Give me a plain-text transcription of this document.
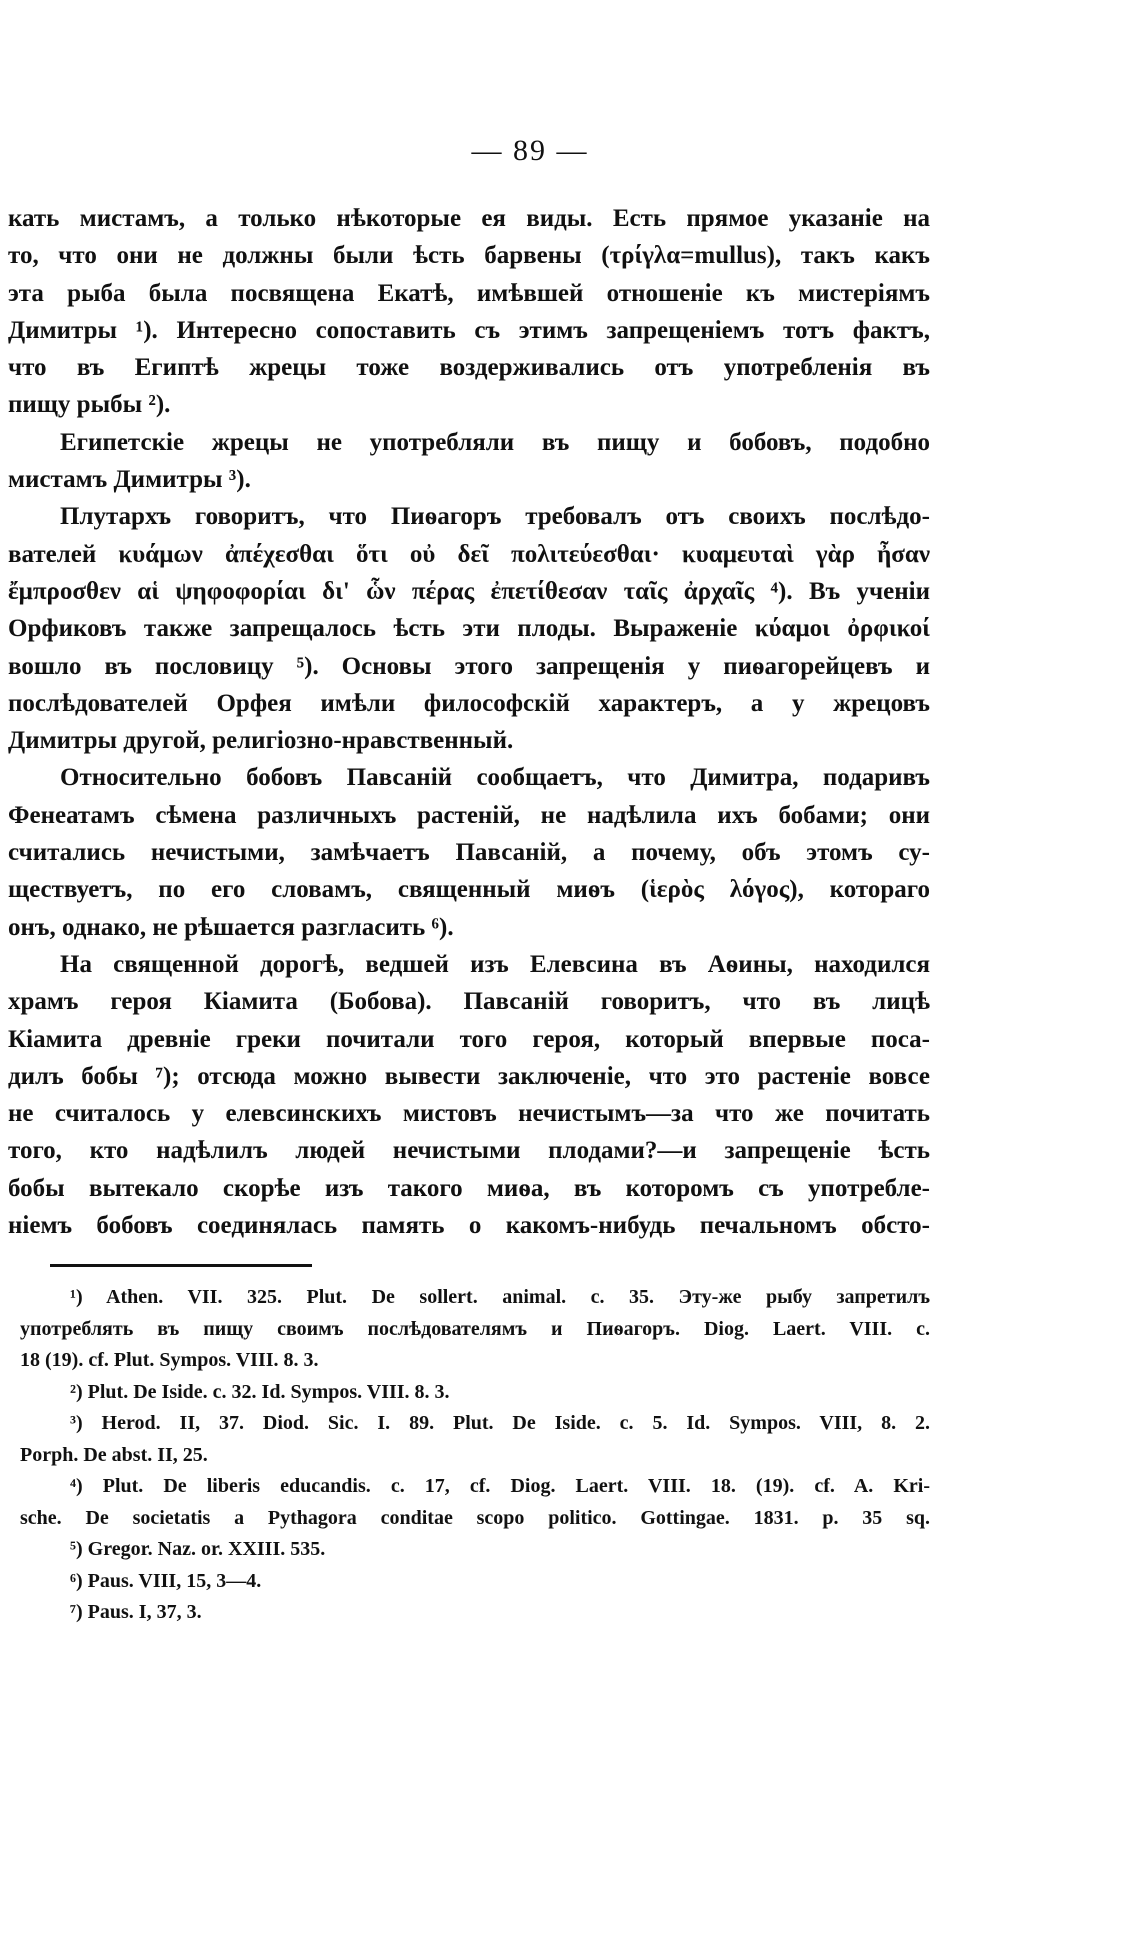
— 89 —
кать мистамъ, а только нѣкоторые ея виды. Есть прямое указаніе на
то, что они не должны были ѣсть барвены (τρίγλα=mullus), такъ какъ
эта рыба была посвящена Екатѣ, имѣвшей отношеніе къ мистеріямъ
Димитры ¹). Интересно сопоставить съ этимъ запрещеніемъ тотъ фактъ,
что въ Египтѣ жрецы тоже воздерживались отъ употребленія въ
пищу рыбы ²).
Египетскіе жрецы не употребляли въ пищу и бобовъ, подобно
мистамъ Димитры ³).
Плутархъ говоритъ, что Пиѳагоръ требовалъ отъ своихъ послѣдо-
вателей κυάμων ἀπέχεσθαι ὅτι οὐ δεῖ πολιτεύεσθαι· κυαμευταὶ γὰρ ἦσαν
ἔμπροσθεν αἱ ψηφοφορίαι δι' ὧν πέρας ἐπετίθεσαν ταῖς ἀρχαῖς ⁴). Въ ученіи
Орфиковъ также запрещалось ѣсть эти плоды. Выраженіе κύαμοι ὀρφικοί
вошло въ пословицу ⁵). Основы этого запрещенія у пиѳагорейцевъ и
послѣдователей Орфея имѣли философскій характеръ, а у жрецовъ
Димитры другой, религіозно-нравственный.
Относительно бобовъ Павсаній сообщаетъ, что Димитра, подаривъ
Фенеатамъ сѣмена различныхъ растеній, не надѣлила ихъ бобами; они
считались нечистыми, замѣчаетъ Павсаній, а почему, объ этомъ су-
ществуетъ, по его словамъ, священный миѳъ (ἱερὸς λόγος), котораго
онъ, однако, не рѣшается разгласить ⁶).
На священной дорогѣ, ведшей изъ Елевсина въ Аѳины, находился
храмъ героя Кіамита (Бобова). Павсаній говоритъ, что въ лицѣ
Кіамита древніе греки почитали того героя, который впервые поса-
дилъ бобы ⁷); отсюда можно вывести заключеніе, что это растеніе вовсе
не считалось у елевсинскихъ мистовъ нечистымъ—за что же почитать
того, кто надѣлилъ людей нечистыми плодами?—и запрещеніе ѣсть
бобы вытекало скорѣе изъ такого миѳа, въ которомъ съ употребле-
ніемъ бобовъ соединялась память о какомъ-нибудь печальномъ обсто-
¹) Athen. VII. 325. Plut. De sollert. animal. c. 35. Эту-же рыбу запретилъ
употреблять въ пищу своимъ послѣдователямъ и Пиѳагоръ. Diog. Laert. VIII. c.
18 (19). cf. Plut. Sympos. VIII. 8. 3.
²) Plut. De Iside. c. 32. Id. Sympos. VIII. 8. 3.
³) Herod. II, 37. Diod. Sic. I. 89. Plut. De Iside. c. 5. Id. Sympos. VIII, 8. 2.
Porph. De abst. II, 25.
⁴) Plut. De liberis educandis. c. 17, cf. Diog. Laert. VIII. 18. (19). cf. A. Kri-
sche. De societatis a Pythagora conditae scopo politico. Gottingae. 1831. p. 35 sq.
⁵) Gregor. Naz. or. XXIII. 535.
⁶) Paus. VIII, 15, 3—4.
⁷) Paus. I, 37, 3.
